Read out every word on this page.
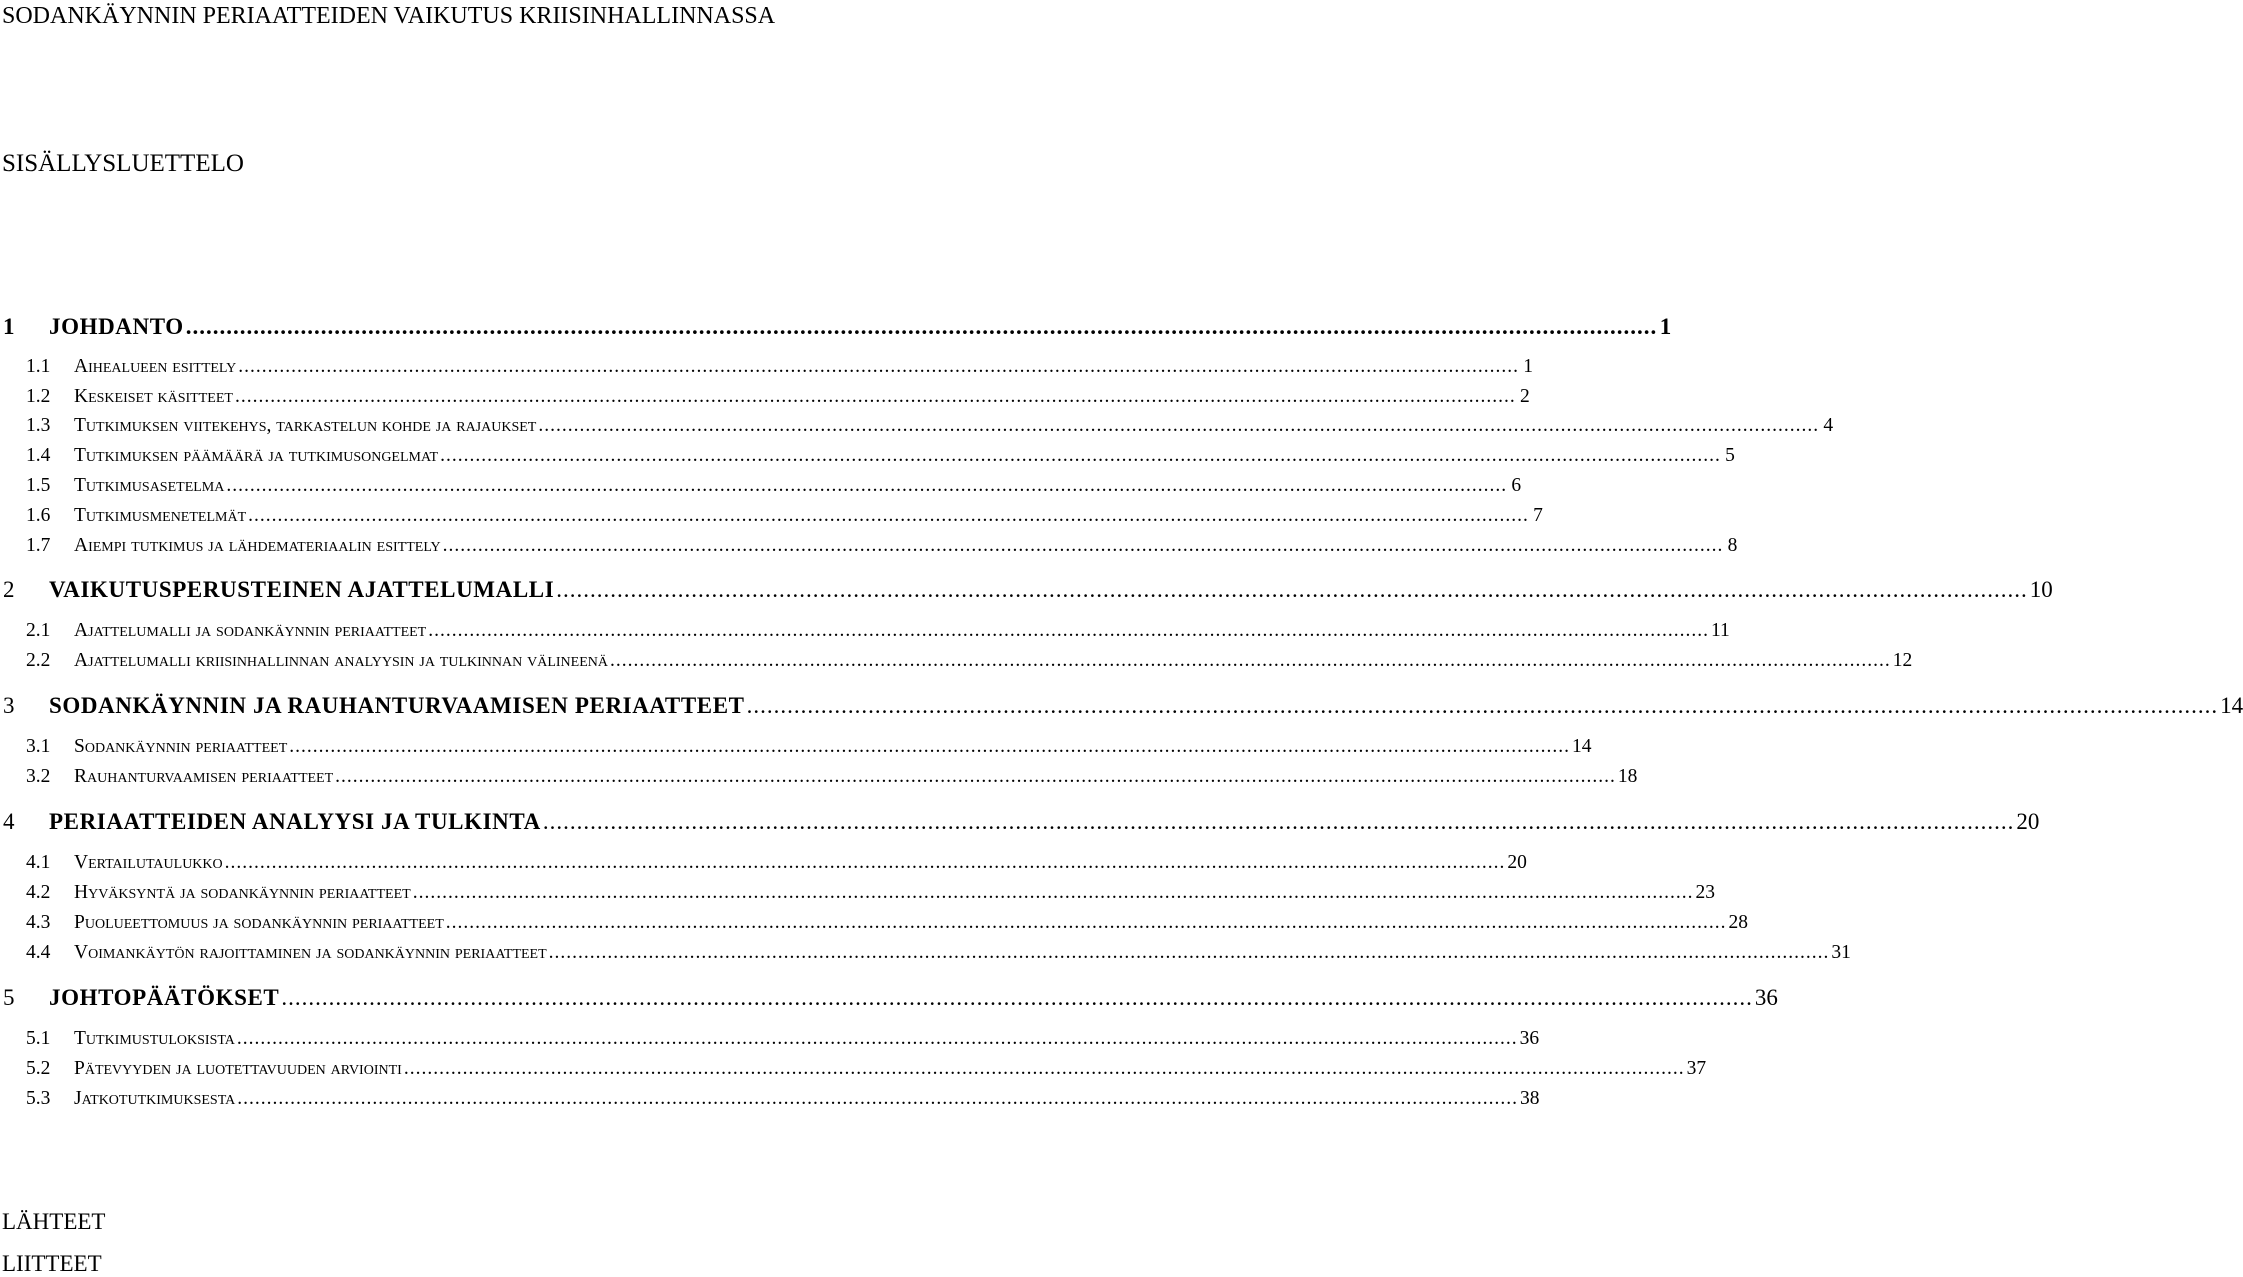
SODANKÄYNNIN PERIAATTEIDEN VAIKUTUS KRIISINHALLINNASSA
SISÄLLYSLUETTELO
1	JOHDANTO .......................................................................................................................................................................................................................... 1
1.1	Aihealueen esittely .......................................................................................................................................................................................................................... 1
1.2	Keskeiset käsitteet .......................................................................................................................................................................................................................... 2
1.3	Tutkimuksen viitekehys, tarkastelun kohde ja rajaukset .......................................................................................................................................................................................................................... 4
1.4	Tutkimuksen päämäärä ja tutkimusongelmat .......................................................................................................................................................................................................................... 5
1.5	Tutkimusasetelma .......................................................................................................................................................................................................................... 6
1.6	Tutkimusmenetelmät .......................................................................................................................................................................................................................... 7
1.7	Aiempi tutkimus ja lähdemateriaalin esittely .......................................................................................................................................................................................................................... 8
2	VAIKUTUSPERUSTEINEN AJATTELUMALLI .......................................................................................................................................................................................................................... 10
2.1	Ajattelumalli ja sodankäynnin periaatteet .......................................................................................................................................................................................................................... 11
2.2	Ajattelumalli kriisinhallinnan analyysin ja tulkinnan välineenä .......................................................................................................................................................................................................................... 12
3	SODANKÄYNNIN JA RAUHANTURVAAMISEN PERIAATTEET .......................................................................................................................................................................................................................... 14
3.1	Sodankäynnin periaatteet .......................................................................................................................................................................................................................... 14
3.2	Rauhanturvaamisen periaatteet .......................................................................................................................................................................................................................... 18
4	PERIAATTEIDEN ANALYYSI JA TULKINTA .......................................................................................................................................................................................................................... 20
4.1	Vertailutaulukko .......................................................................................................................................................................................................................... 20
4.2	Hyväksyntä ja sodankäynnin periaatteet .......................................................................................................................................................................................................................... 23
4.3	Puolueettomuus ja sodankäynnin periaatteet .......................................................................................................................................................................................................................... 28
4.4	Voimankäytön rajoittaminen ja sodankäynnin periaatteet .......................................................................................................................................................................................................................... 31
5	JOHTOPÄÄTÖKSET .......................................................................................................................................................................................................................... 36
5.1	Tutkimustuloksista .......................................................................................................................................................................................................................... 36
5.2	Pätevyyden ja luotettavuuden arviointi .......................................................................................................................................................................................................................... 37
5.3	Jatkotutkimuksesta .......................................................................................................................................................................................................................... 38
LÄHTEET
LIITTEET
